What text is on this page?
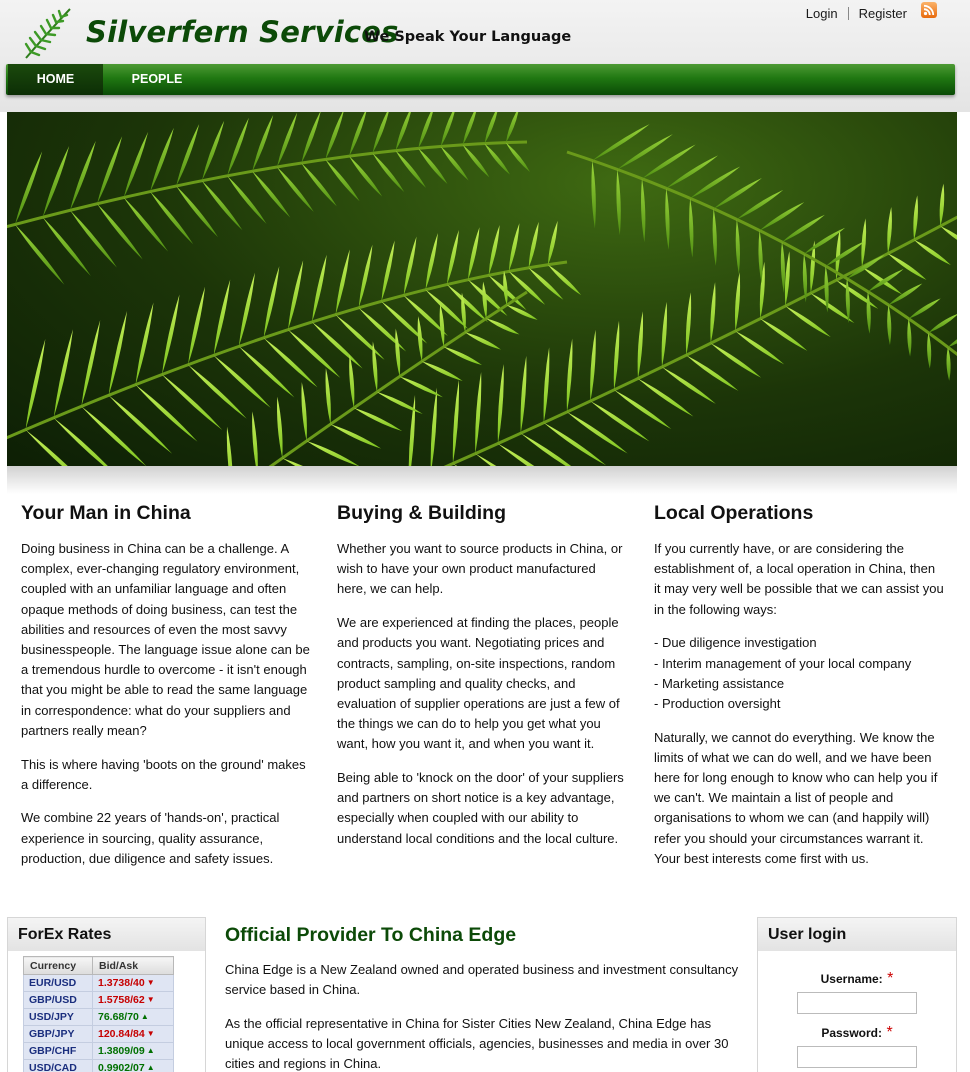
Silverfern Services
We Speak Your Language
Login Register
HOME	PEOPLE
Your Man in China

Doing business in China can be a challenge. A complex, ever-changing regulatory environment, coupled with an unfamiliar language and often opaque methods of doing business, can test the abilities and resources of even the most savvy businesspeople. The language issue alone can be a tremendous hurdle to overcome - it isn't enough that you might be able to read the same language in correspondence: what do your suppliers and partners really mean?

This is where having 'boots on the ground' makes a difference.

We combine 22 years of 'hands-on', practical experience in sourcing, quality assurance, production, due diligence and safety issues.

Buying & Building

Whether you want to source products in China, or wish to have your own product manufactured here, we can help.

We are experienced at finding the places, people and products you want. Negotiating prices and contracts, sampling, on-site inspections, random product sampling and quality checks, and evaluation of supplier operations are just a few of the things we can do to help you get what you want, how you want it, and when you want it.

Being able to 'knock on the door' of your suppliers and partners on short notice is a key advantage, especially when coupled with our ability to understand local conditions and the local culture.

Local Operations

If you currently have, or are considering the establishment of, a local operation in China, then it may very well be possible that we can assist you in the following ways:

- Due diligence investigation
- Interim management of your local company
- Marketing assistance
- Production oversight

Naturally, we cannot do everything. We know the limits of what we can do well, and we have been here for long enough to know who can help you if we can't. We maintain a list of people and organisations to whom we can (and happily will) refer you should your circumstances warrant it. Your best interests come first with us.

ForEx Rates
Currency	Bid/Ask
EUR/USD	1.3738/40 ▼
GBP/USD	1.5758/62 ▼
USD/JPY	76.68/70 ▲
GBP/JPY	120.84/84 ▼
GBP/CHF	1.3809/09 ▲
USD/CAD	0.9902/07 ▲
Official Provider To China Edge

China Edge is a New Zealand owned and operated business and investment consultancy service based in China.

As the official representative in China for Sister Cities New Zealand, China Edge has unique access to local government officials, agencies, businesses and media in over 30 cities and regions in China.

User login
Username: *
Password: *
